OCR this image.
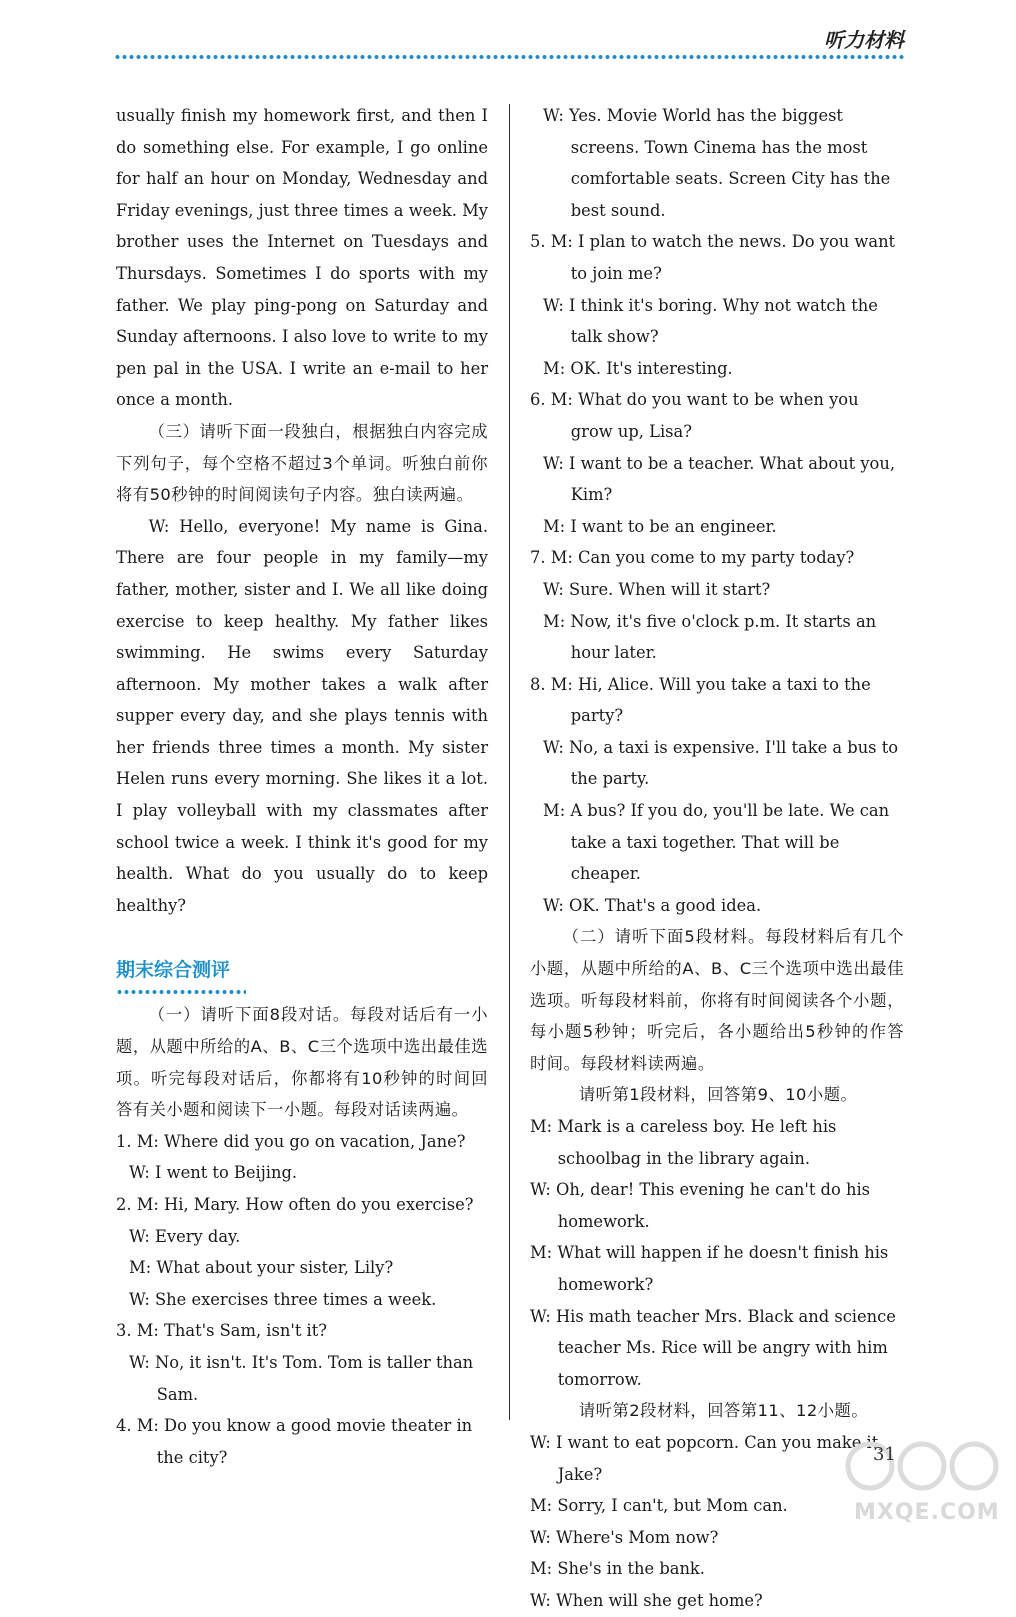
听力材料

usually finish my homework first, and then I do something else. For example, I go online for half an hour on Monday, Wednesday and Friday evenings, just three times a week. My brother uses the Internet on Tuesdays and Thursdays. Sometimes I do sports with my father. We play ping-pong on Saturday and Sunday afternoons. I also love to write to my pen pal in the USA. I write an e-mail to her once a month.

（三）请听下面一段独白，根据独白内容完成下列句子，每个空格不超过3个单词。听独白前你将有50秒钟的时间阅读句子内容。独白读两遍。

W: Hello, everyone! My name is Gina. There are four people in my family—my father, mother, sister and I. We all like doing exercise to keep healthy. My father likes swimming. He swims every Saturday afternoon. My mother takes a walk after supper every day, and she plays tennis with her friends three times a month. My sister Helen runs every morning. She likes it a lot. I play volleyball with my classmates after school twice a week. I think it's good for my health. What do you usually do to keep healthy?

期末综合测评

（一）请听下面8段对话。每段对话后有一小题，从题中所给的A、B、C三个选项中选出最佳选项。听完每段对话后，你都将有10秒钟的时间回答有关小题和阅读下一小题。每段对话读两遍。

1. M: Where did you go on vacation, Jane?

W: I went to Beijing.

2. M: Hi, Mary. How often do you exercise?

W: Every day.

M: What about your sister, Lily?

W: She exercises three times a week.

3. M: That's Sam, isn't it?

W: No, it isn't. It's Tom. Tom is taller than Sam.

4. M: Do you know a good movie theater in the city?

W: Yes. Movie World has the biggest screens. Town Cinema has the most comfortable seats. Screen City has the best sound.

5. M: I plan to watch the news. Do you want to join me?

W: I think it's boring. Why not watch the talk show?

M: OK. It's interesting.

6. M: What do you want to be when you grow up, Lisa?

W: I want to be a teacher. What about you, Kim?

M: I want to be an engineer.

7. M: Can you come to my party today?

W: Sure. When will it start?

M: Now, it's five o'clock p.m. It starts an hour later.

8. M: Hi, Alice. Will you take a taxi to the party?

W: No, a taxi is expensive. I'll take a bus to the party.

M: A bus? If you do, you'll be late. We can take a taxi together. That will be cheaper.

W: OK. That's a good idea.

（二）请听下面5段材料。每段材料后有几个小题，从题中所给的A、B、C三个选项中选出最佳选项。听每段材料前，你将有时间阅读各个小题，每小题5秒钟；听完后，各小题给出5秒钟的作答时间。每段材料读两遍。

请听第1段材料，回答第9、10小题。

M: Mark is a careless boy. He left his schoolbag in the library again.

W: Oh, dear! This evening he can't do his homework.

M: What will happen if he doesn't finish his homework?

W: His math teacher Mrs. Black and science teacher Ms. Rice will be angry with him tomorrow.

请听第2段材料，回答第11、12小题。

W: I want to eat popcorn. Can you make it, Jake?

M: Sorry, I can't, but Mom can.

W: Where's Mom now?

M: She's in the bank.

W: When will she get home?

MXQE.COM
31
